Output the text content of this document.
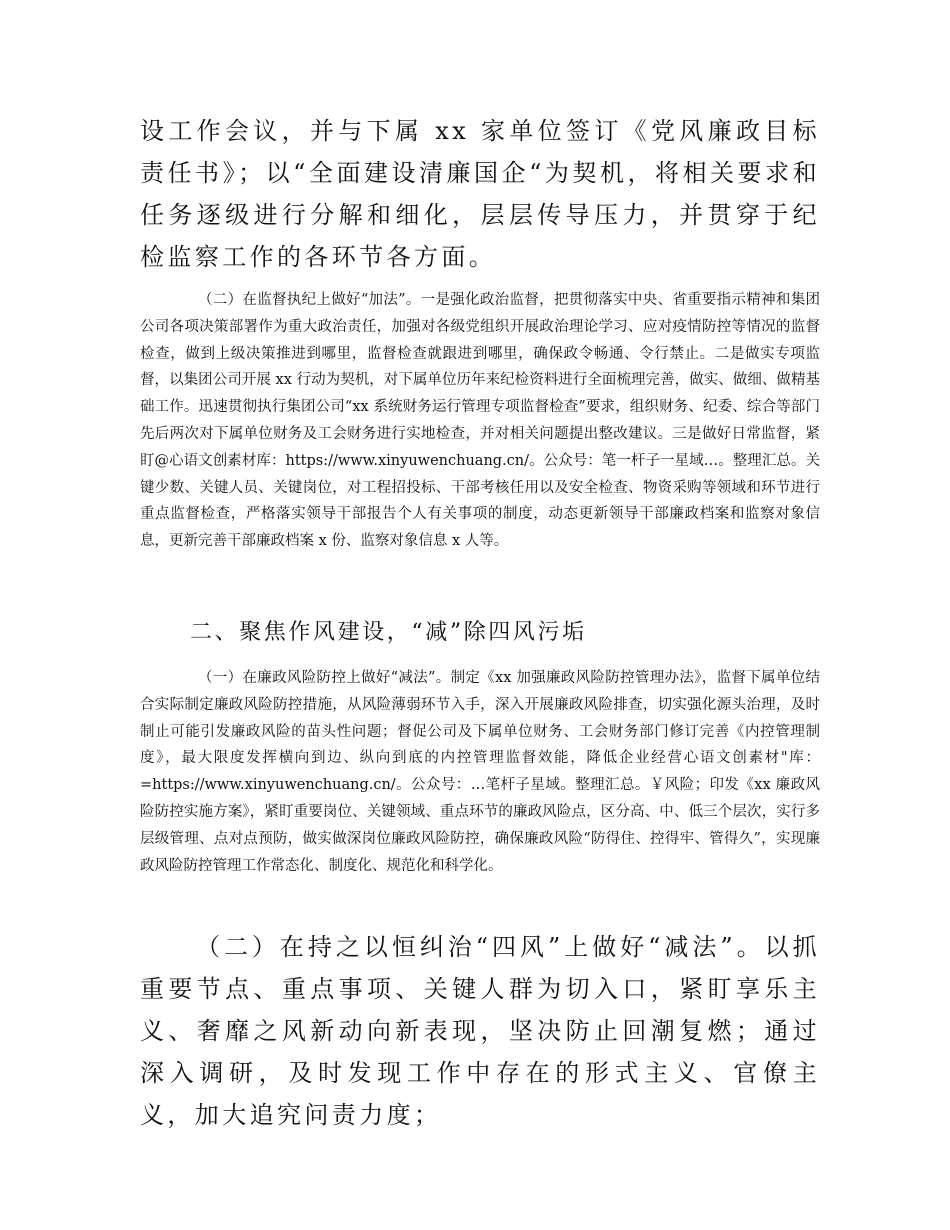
设工作会议，并与下属 xx 家单位签订《党风廉政目标责任书》；以“全面建设清廉国企“为契机，将相关要求和任务逐级进行分解和细化，层层传导压力，并贯穿于纪检监察工作的各环节各方面。

（二）在监督执纪上做好“加法”。一是强化政治监督，把贯彻落实中央、省重要指示精神和集团公司各项决策部署作为重大政治责任，加强对各级党组织开展政治理论学习、应对疫情防控等情况的监督检查，做到上级决策推进到哪里，监督检查就跟进到哪里，确保政令畅通、令行禁止。二是做实专项监督，以集团公司开展 xx 行动为契机，对下属单位历年来纪检资料进行全面梳理完善，做实、做细、做精基础工作。迅速贯彻执行集团公司“xx 系统财务运行管理专项监督检查”要求，组织财务、纪委、综合等部门先后两次对下属单位财务及工会财务进行实地检查，并对相关问题提出整改建议。三是做好日常监督，紧盯@心语文创素材库：https://www.xinyuwenchuang.cn/。公众号：笔一杆子一星域…。整理汇总。关键少数、关键人员、关键岗位，对工程招投标、干部考核任用以及安全检查、物资采购等领域和环节进行重点监督检查，严格落实领导干部报告个人有关事项的制度，动态更新领导干部廉政档案和监察对象信息，更新完善干部廉政档案 x 份、监察对象信息 x 人等。

二、聚焦作风建设，“减”除四风污垢

（一）在廉政风险防控上做好“减法”。制定《xx 加强廉政风险防控管理办法》，监督下属单位结合实际制定廉政风险防控措施，从风险薄弱环节入手，深入开展廉政风险排查，切实强化源头治理，及时制止可能引发廉政风险的苗头性问题；督促公司及下属单位财务、工会财务部门修订完善《内控管理制度》，最大限度发挥横向到边、纵向到底的内控管理监督效能，降低企业经营心语文创素材"库：=https://www.xinyuwenchuang.cn/。公众号：…笔杆子星域。整理汇总。￥风险；印发《xx 廉政风险防控实施方案》，紧盯重要岗位、关键领域、重点环节的廉政风险点，区分高、中、低三个层次，实行多层级管理、点对点预防，做实做深岗位廉政风险防控，确保廉政风险“防得住、控得牢、管得久”，实现廉政风险防控管理工作常态化、制度化、规范化和科学化。

（二）在持之以恒纠治“四风”上做好“减法”。以抓重要节点、重点事项、关键人群为切入口，紧盯享乐主义、奢靡之风新动向新表现，坚决防止回潮复燃；通过深入调研，及时发现工作中存在的形式主义、官僚主义，加大追究问责力度；
